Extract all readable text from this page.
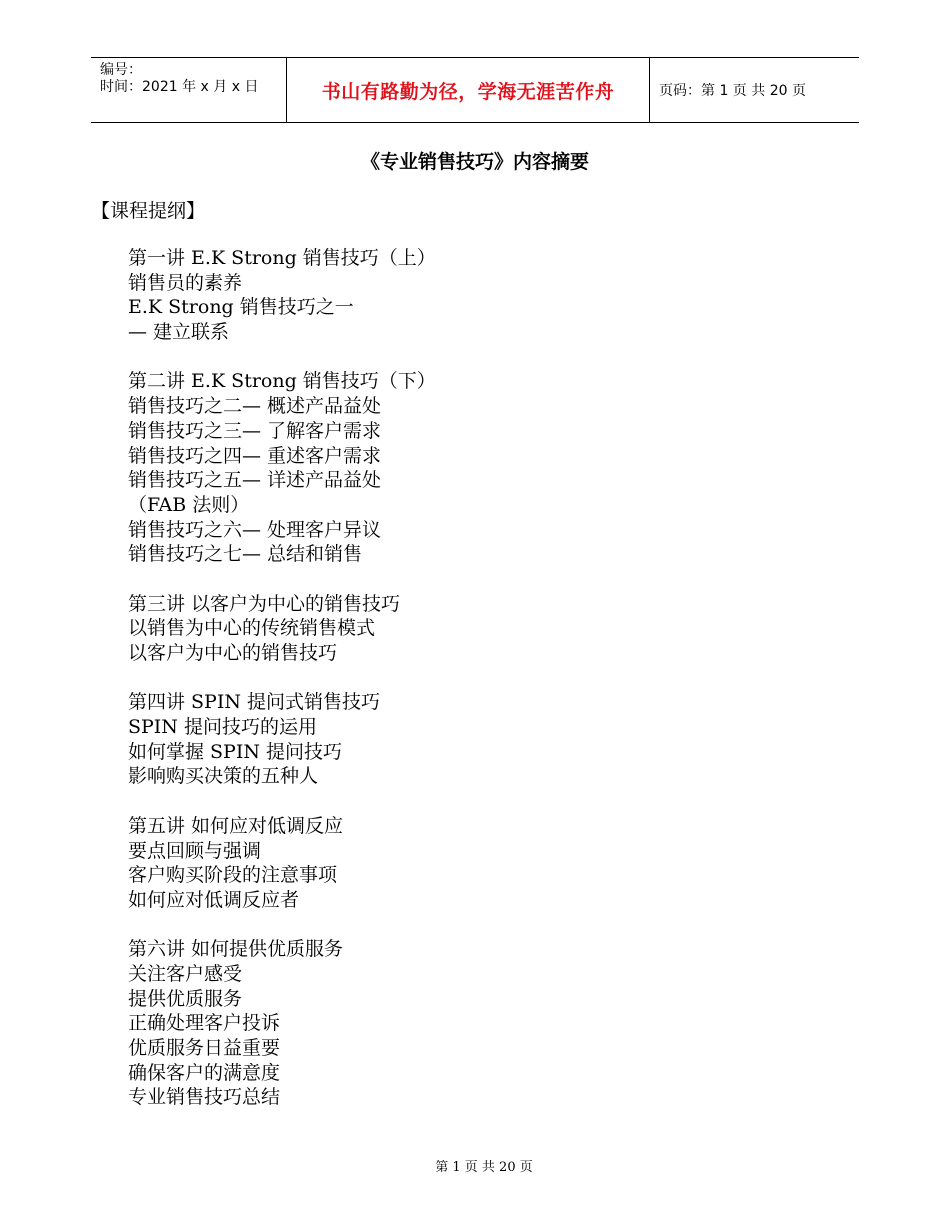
编号：
时间：2021 年 x 月 x 日	书山有路勤为径，学海无涯苦作舟	页码：第 1 页 共 20 页
《专业销售技巧》内容摘要
【课程提纲】
第一讲 E.K Strong 销售技巧（上）
销售员的素养
E.K Strong 销售技巧之一
— 建立联系
第二讲 E.K Strong 销售技巧（下）
销售技巧之二— 概述产品益处
销售技巧之三— 了解客户需求
销售技巧之四— 重述客户需求
销售技巧之五— 详述产品益处
（FAB 法则）
销售技巧之六— 处理客户异议
销售技巧之七— 总结和销售
第三讲 以客户为中心的销售技巧
以销售为中心的传统销售模式
以客户为中心的销售技巧
第四讲 SPIN 提问式销售技巧
SPIN 提问技巧的运用
如何掌握 SPIN 提问技巧
影响购买决策的五种人
第五讲 如何应对低调反应
要点回顾与强调
客户购买阶段的注意事项
如何应对低调反应者
第六讲 如何提供优质服务
关注客户感受
提供优质服务
正确处理客户投诉
优质服务日益重要
确保客户的满意度
专业销售技巧总结
第 1 页 共 20 页
